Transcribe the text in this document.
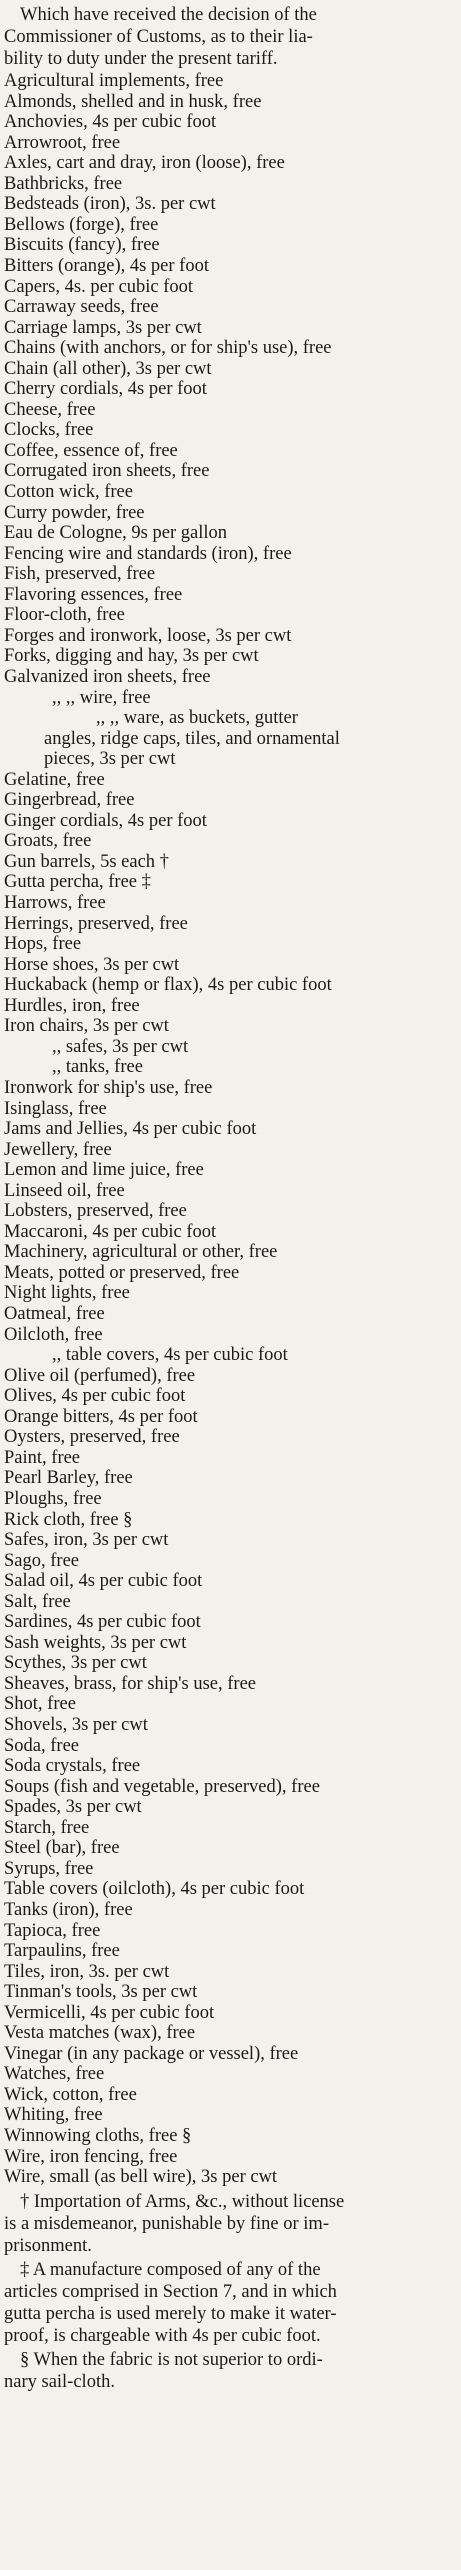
Which have received the decision of the
Commissioner of Customs, as to their lia-
bility to duty under the present tariff.
Agricultural implements, free
Almonds, shelled and in husk, free
Anchovies, 4s per cubic foot
Arrowroot, free
Axles, cart and dray, iron (loose), free
Bathbricks, free
Bedsteads (iron), 3s. per cwt
Bellows (forge), free
Biscuits (fancy), free
Bitters (orange), 4s per foot
Capers, 4s. per cubic foot
Carraway seeds, free
Carriage lamps, 3s per cwt
Chains (with anchors, or for ship's use), free
Chain (all other), 3s per cwt
Cherry cordials, 4s per foot
Cheese, free
Clocks, free
Coffee, essence of, free
Corrugated iron sheets, free
Cotton wick, free
Curry powder, free
Eau de Cologne, 9s per gallon
Fencing wire and standards (iron), free
Fish, preserved, free
Flavoring essences, free
Floor-cloth, free
Forges and ironwork, loose, 3s per cwt
Forks, digging and hay, 3s per cwt
Galvanized iron sheets, free
,, ,, wire, free
,, ,, ware, as buckets, gutter
angles, ridge caps, tiles, and ornamental
pieces, 3s per cwt
Gelatine, free
Gingerbread, free
Ginger cordials, 4s per foot
Groats, free
Gun barrels, 5s each †
Gutta percha, free ‡
Harrows, free
Herrings, preserved, free
Hops, free
Horse shoes, 3s per cwt
Huckaback (hemp or flax), 4s per cubic foot
Hurdles, iron, free
Iron chairs, 3s per cwt
,, safes, 3s per cwt
,, tanks, free
Ironwork for ship's use, free
Isinglass, free
Jams and Jellies, 4s per cubic foot
Jewellery, free
Lemon and lime juice, free
Linseed oil, free
Lobsters, preserved, free
Maccaroni, 4s per cubic foot
Machinery, agricultural or other, free
Meats, potted or preserved, free
Night lights, free
Oatmeal, free
Oilcloth, free
,, table covers, 4s per cubic foot
Olive oil (perfumed), free
Olives, 4s per cubic foot
Orange bitters, 4s per foot
Oysters, preserved, free
Paint, free
Pearl Barley, free
Ploughs, free
Rick cloth, free §
Safes, iron, 3s per cwt
Sago, free
Salad oil, 4s per cubic foot
Salt, free
Sardines, 4s per cubic foot
Sash weights, 3s per cwt
Scythes, 3s per cwt
Sheaves, brass, for ship's use, free
Shot, free
Shovels, 3s per cwt
Soda, free
Soda crystals, free
Soups (fish and vegetable, preserved), free
Spades, 3s per cwt
Starch, free
Steel (bar), free
Syrups, free
Table covers (oilcloth), 4s per cubic foot
Tanks (iron), free
Tapioca, free
Tarpaulins, free
Tiles, iron, 3s. per cwt
Tinman's tools, 3s per cwt
Vermicelli, 4s per cubic foot
Vesta matches (wax), free
Vinegar (in any package or vessel), free
Watches, free
Wick, cotton, free
Whiting, free
Winnowing cloths, free §
Wire, iron fencing, free
Wire, small (as bell wire), 3s per cwt
† Importation of Arms, &c., without license
is a misdemeanor, punishable by fine or im-
prisonment.
‡ A manufacture composed of any of the
articles comprised in Section 7, and in which
gutta percha is used merely to make it water-
proof, is chargeable with 4s per cubic foot.
§ When the fabric is not superior to ordi-
nary sail-cloth.
